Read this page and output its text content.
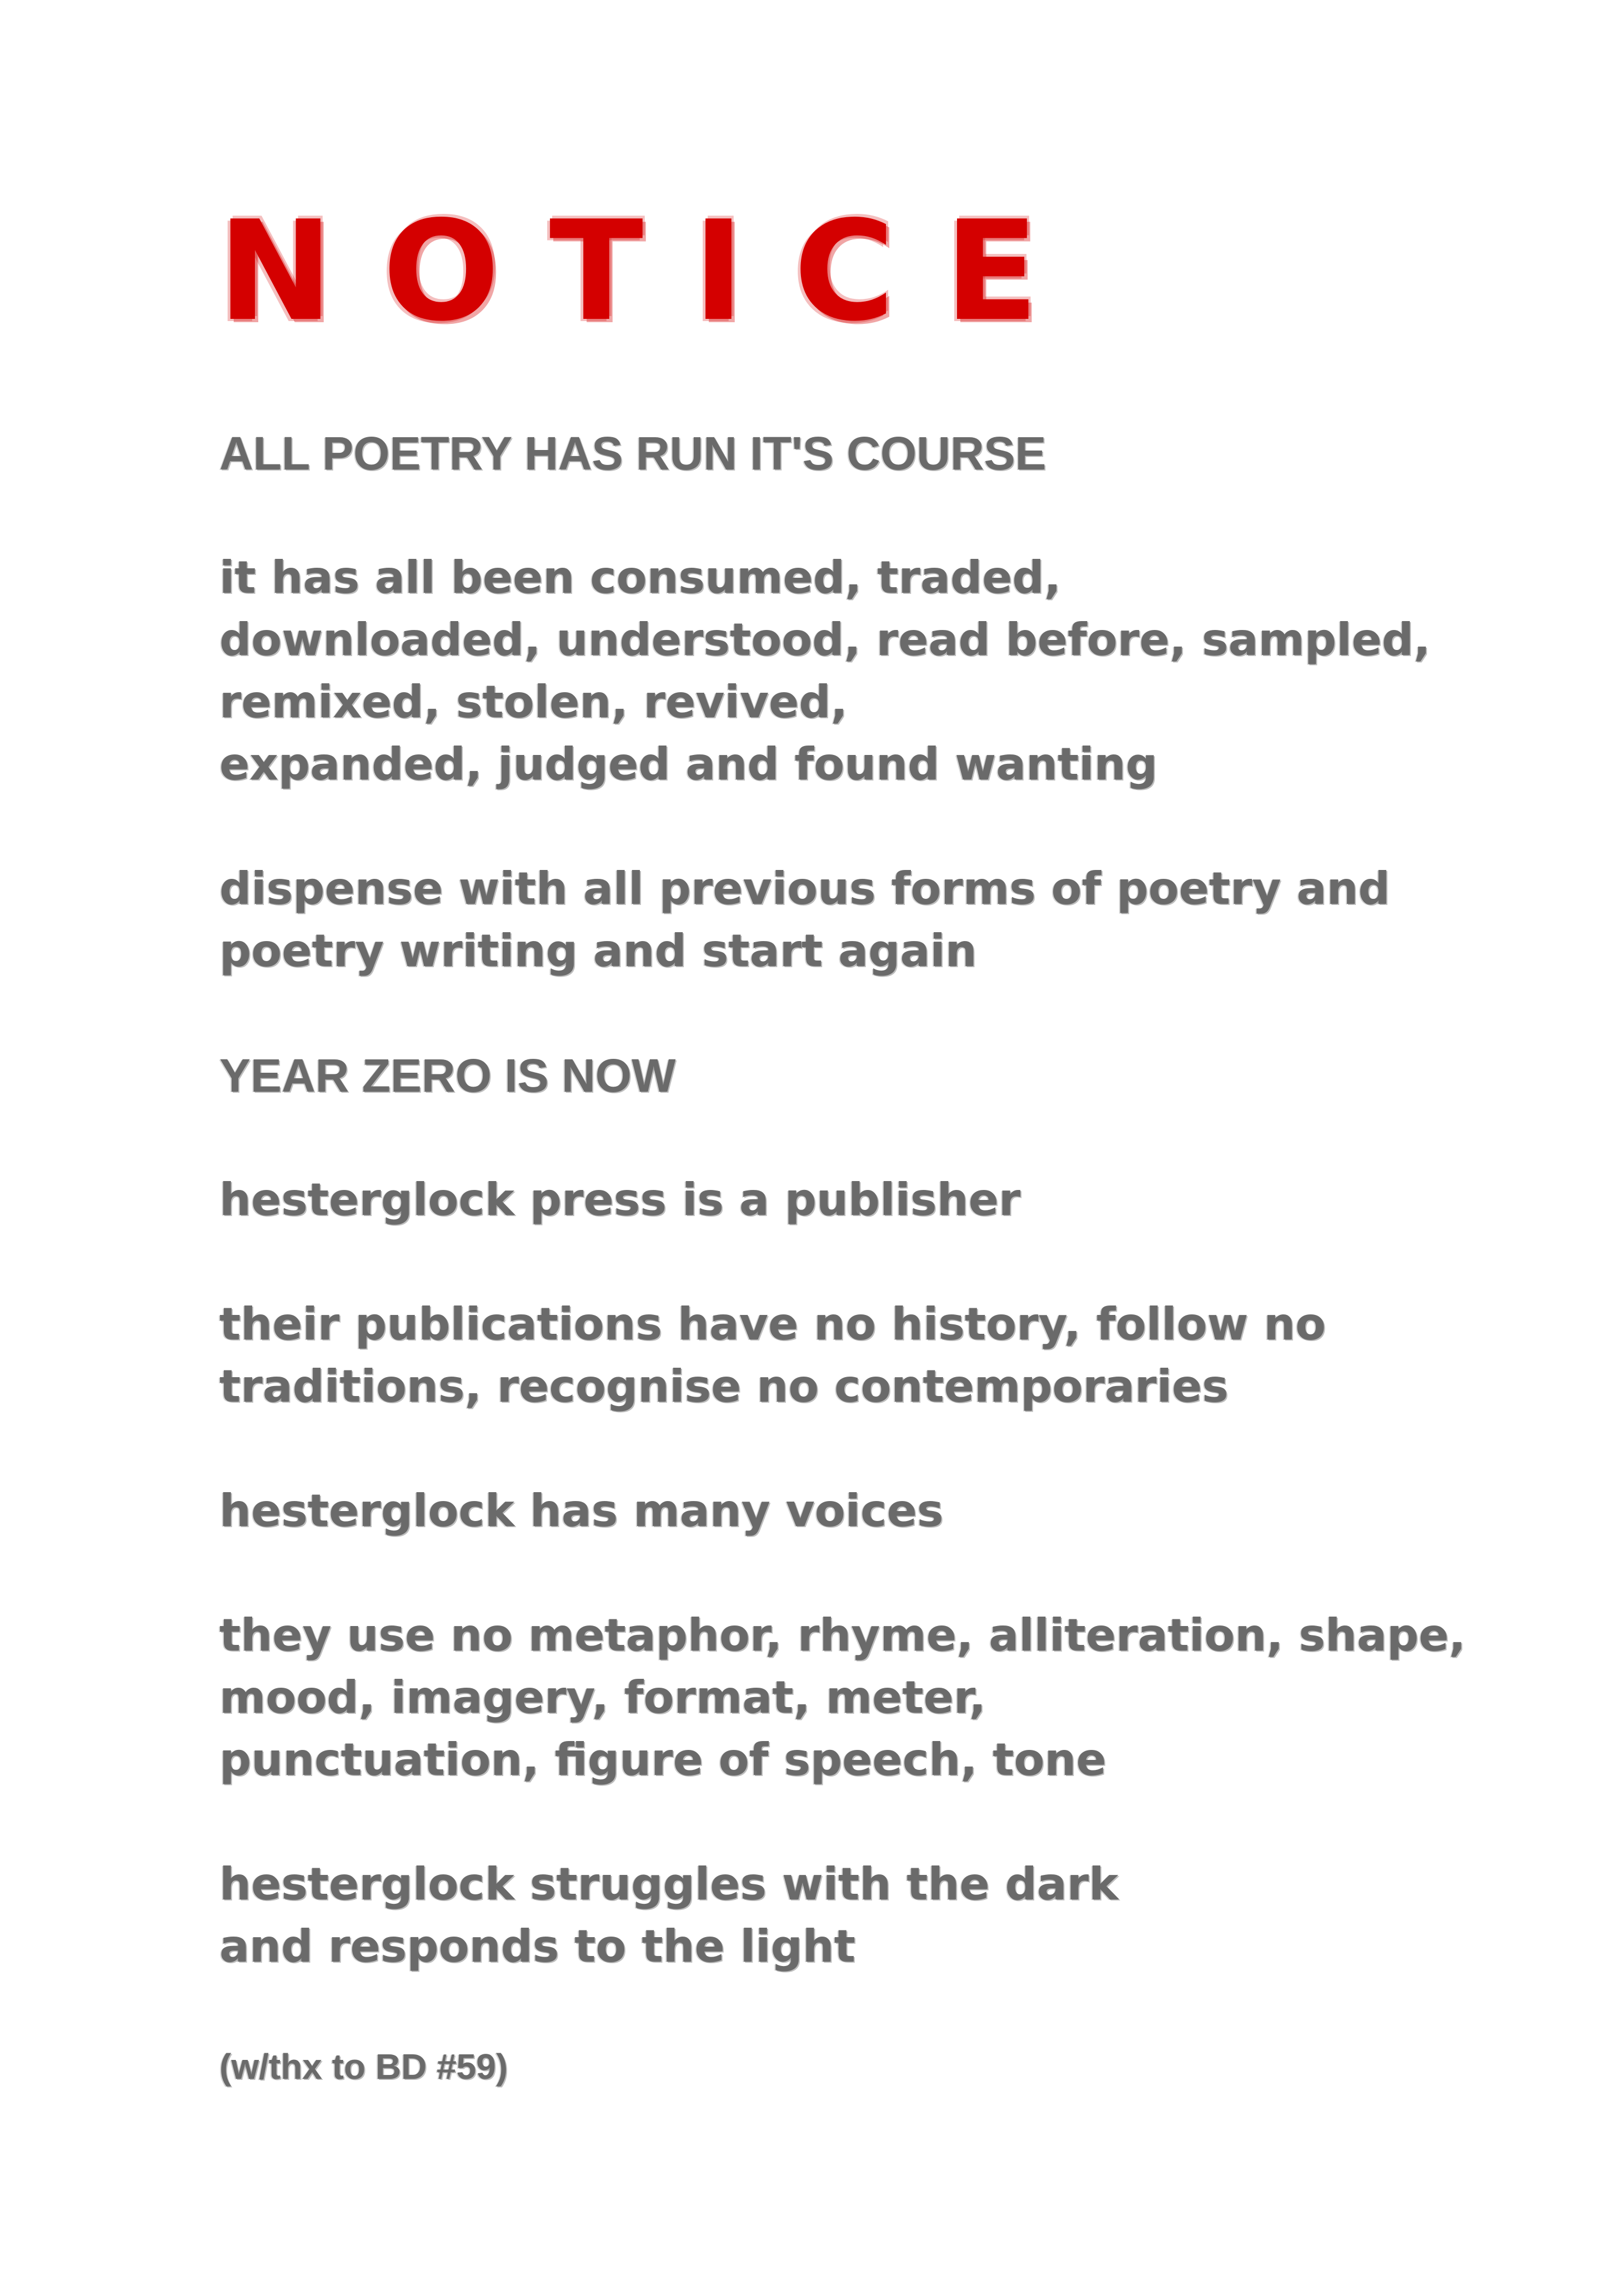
NOTICE

ALL POETRY HAS RUN IT'S COURSE

it has all been consumed, traded,
downloaded, understood, read before, sampled,
remixed, stolen, revived,
expanded, judged and found wanting

dispense with all previous forms of poetry and
poetry writing and start again

YEAR ZERO IS NOW

hesterglock press is a publisher

their publications have no history, follow no
traditions, recognise no contemporaries

hesterglock has many voices

they use no metaphor, rhyme, alliteration, shape,
mood, imagery, format, meter,
punctuation, figure of speech, tone

hesterglock struggles with the dark
and responds to the light

(w/thx to BD #59)
